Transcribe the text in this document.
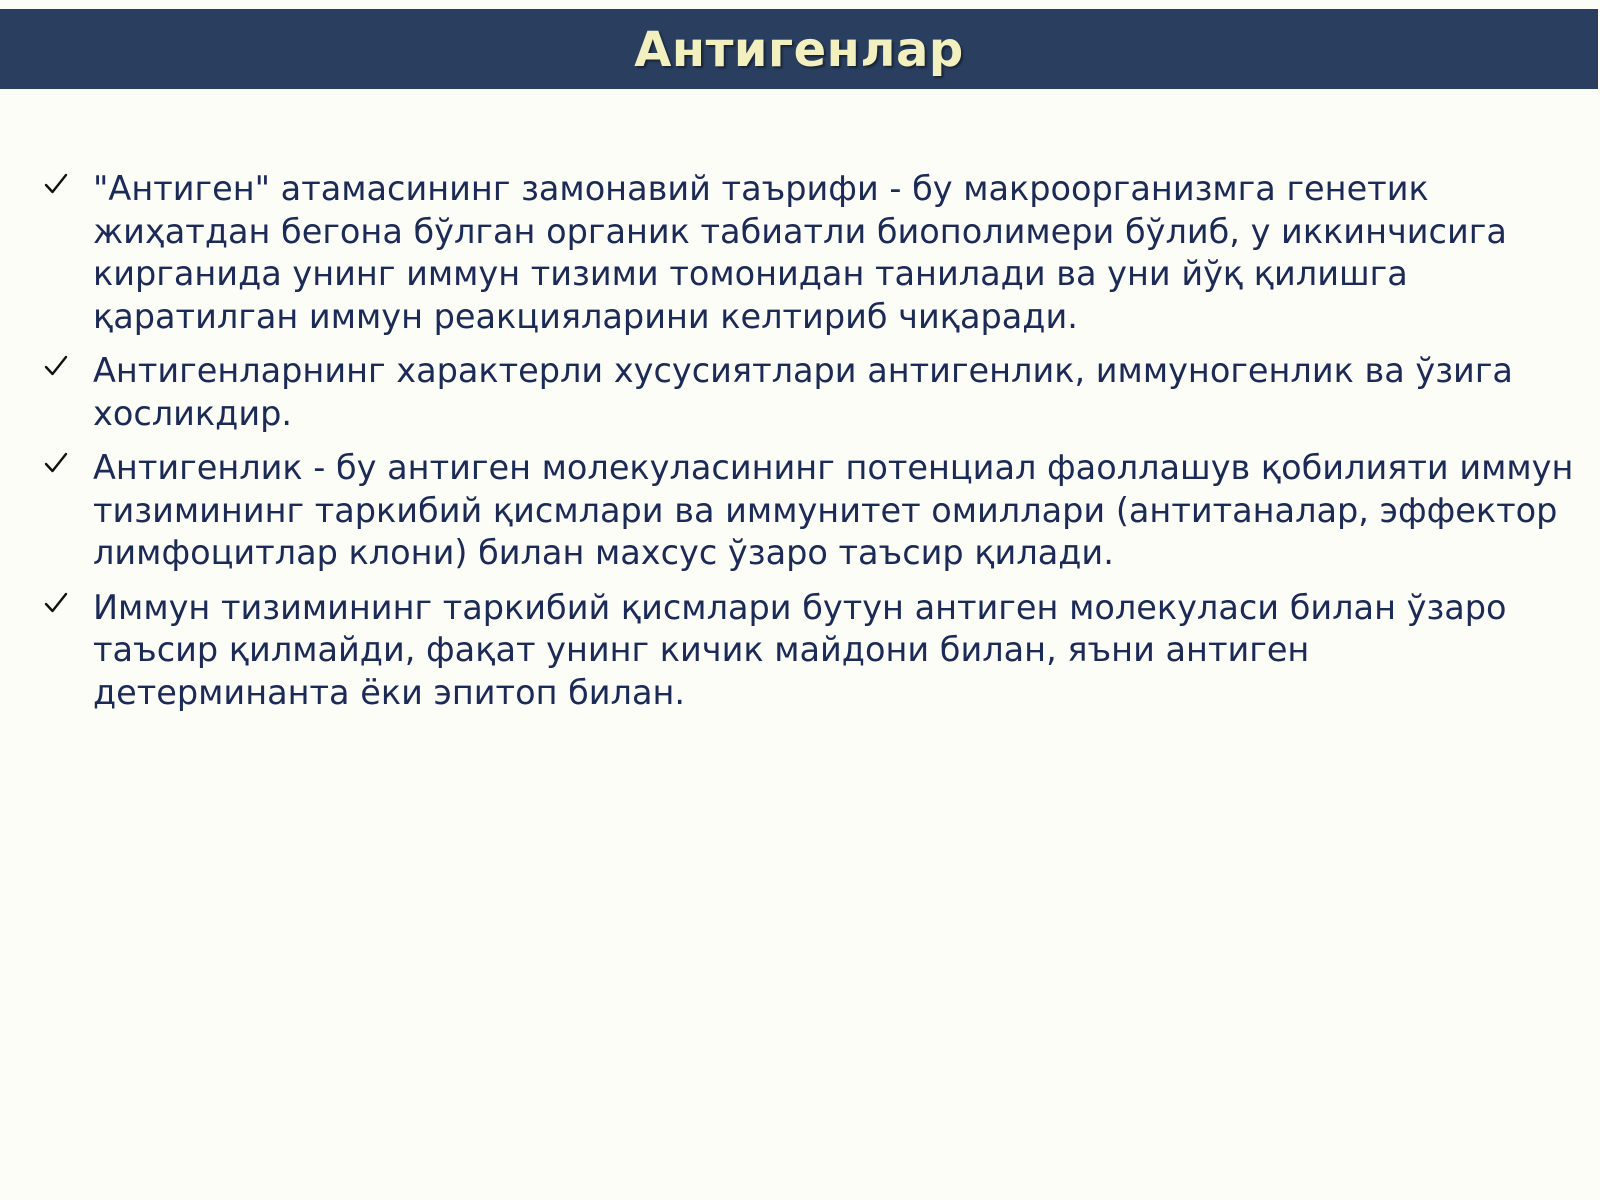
Антигенлар
"Антиген" атамасининг замонавий таърифи - бу макроорганизмга генетик жиҳатдан бегона бўлган органик табиатли биополимери бўлиб, у иккинчисига кирганида унинг иммун тизими томонидан танилади ва уни йўқ қилишга қаратилган иммун реакцияларини келтириб чиқаради.
Антигенларнинг характерли хусусиятлари антигенлик, иммуногенлик ва ўзига хосликдир.
Антигенлик - бу антиген молекуласининг потенциал фаоллашув қобилияти иммун тизимининг таркибий қисмлари ва иммунитет омиллари (антитаналар, эффектор лимфоцитлар клони) билан махсус ўзаро таъсир қилади.
Иммун тизимининг таркибий қисмлари бутун антиген молекуласи билан ўзаро таъсир қилмайди, фақат унинг кичик майдони билан, яъни антиген детерминанта ёки эпитоп билан.
